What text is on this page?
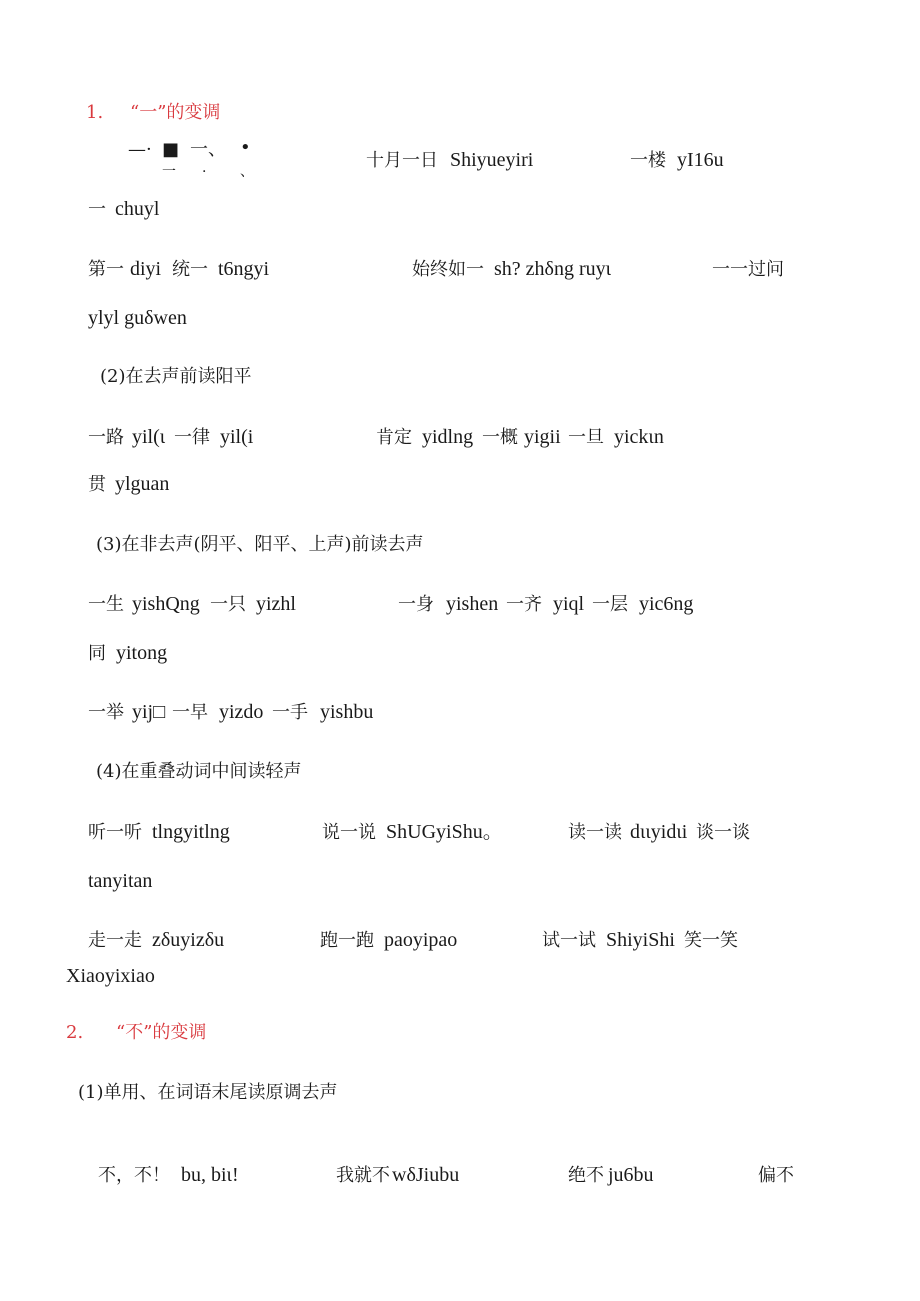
1. “一”的变调
—· ■ 一、 •
一 · 、
十月一日 Shiyueyiri	一楼 yI16u
一 chuyl
第一 diyi 统一 t6ngyi	始终如一 sh? zhδng ruyι	一一过问
ylyl guδwen
(2)在去声前读阳平
一路 yil(ι 一律 yil(i	肯定 yidlng 一概 yigii 一旦 yickιn
贯 ylguan
(3)在非去声(阴平、阳平、上声)前读去声
一生 yishQng 一只 yizhl	一身 yishen 一齐 yiql 一层 yic6ng
同 yitong
一举 yij□ 一早 yizdo 一手 yishbu
(4)在重叠动词中间读轻声
听一听 tlngyitlng	说一说 ShUGyiShu。	读一读 dιιyidιi 谈一谈
tanyitan
走一走 zδuyizδu	跑一跑 paoyipao	试一试 ShiyiShi 笑一笑
Xiaoyixiao
2. “不”的变调
(1)单用、在词语末尾读原调去声
不，不！ bu, biι!	我就不 wδJiubu	绝不 ju6bu	偏不
